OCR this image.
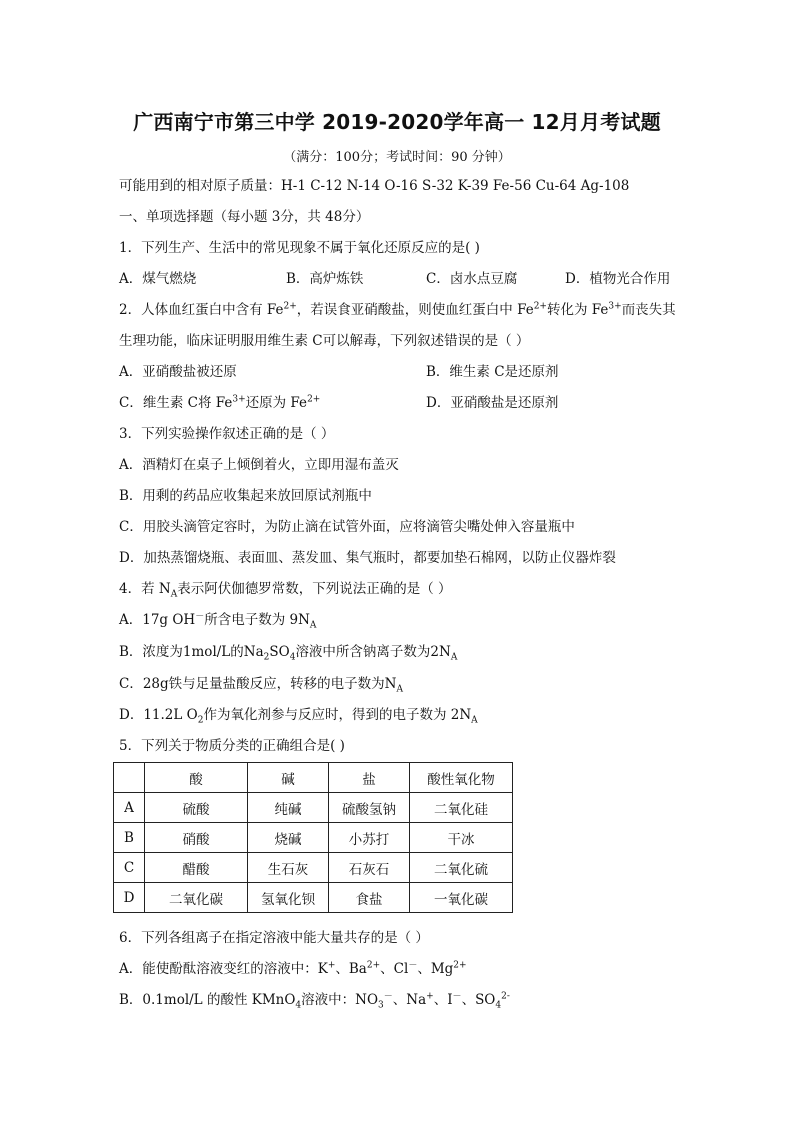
广西南宁市第三中学 2019-2020学年高一 12月月考试题
（满分：100分；考试时间：90 分钟）
可能用到的相对原子质量：H-1 C-12 N-14 O-16 S-32 K-39 Fe-56 Cu-64 Ag-108
一、单项选择题（每小题 3分，共 48分）
1．下列生产、生活中的常见现象不属于氧化还原反应的是( )
A．煤气燃烧	B．高炉炼铁	C．卤水点豆腐	D．植物光合作用
2．人体血红蛋白中含有 $Fe^{2+}$，若误食亚硝酸盐，则使血红蛋白中 $Fe^{2+}$转化为 $Fe^{3+}$而丧失其
生理功能，临床证明服用维生素 C可以解毒，下列叙述错误的是（ ）
A．亚硝酸盐被还原	B．维生素 C是还原剂
C．维生素 C将 $Fe^{3+}$还原为 $Fe^{2+}$	D．亚硝酸盐是还原剂
3．下列实验操作叙述正确的是（ ）
A．酒精灯在桌子上倾倒着火，立即用湿布盖灭
B．用剩的药品应收集起来放回原试剂瓶中
C．用胶头滴管定容时，为防止滴在试管外面，应将滴管尖嘴处伸入容量瓶中
D．加热蒸馏烧瓶、表面皿、蒸发皿、集气瓶时，都要加垫石棉网，以防止仪器炸裂
4．若 $N_A$表示阿伏伽德罗常数，下列说法正确的是（ ）
A．17g OH－所含电子数为 $9N_A$
B．浓度为1mol/L的$Na_2SO_4$溶液中所含钠离子数为$2N_A$
C．28g铁与足量盐酸反应，转移的电子数为$N_A$
D．11.2L $O_2$作为氧化剂参与反应时，得到的电子数为 $2N_A$
5．下列关于物质分类的正确组合是( )
	酸	碱	盐	酸性氧化物
A	硫酸	纯碱	硫酸氢钠	二氧化硅
B	硝酸	烧碱	小苏打	干冰
C	醋酸	生石灰	石灰石	二氧化硫
D	二氧化碳	氢氧化钡	食盐	一氧化碳
6．下列各组离子在指定溶液中能大量共存的是（ ）
A．能使酚酞溶液变红的溶液中：K+、$Ba^{2+}$、Cl－、$Mg^{2+}$
B．0.1mol/L 的酸性 KMnO$_4$溶液中：$NO_3^-$、Na+、I－、$SO_4^{2-}$
